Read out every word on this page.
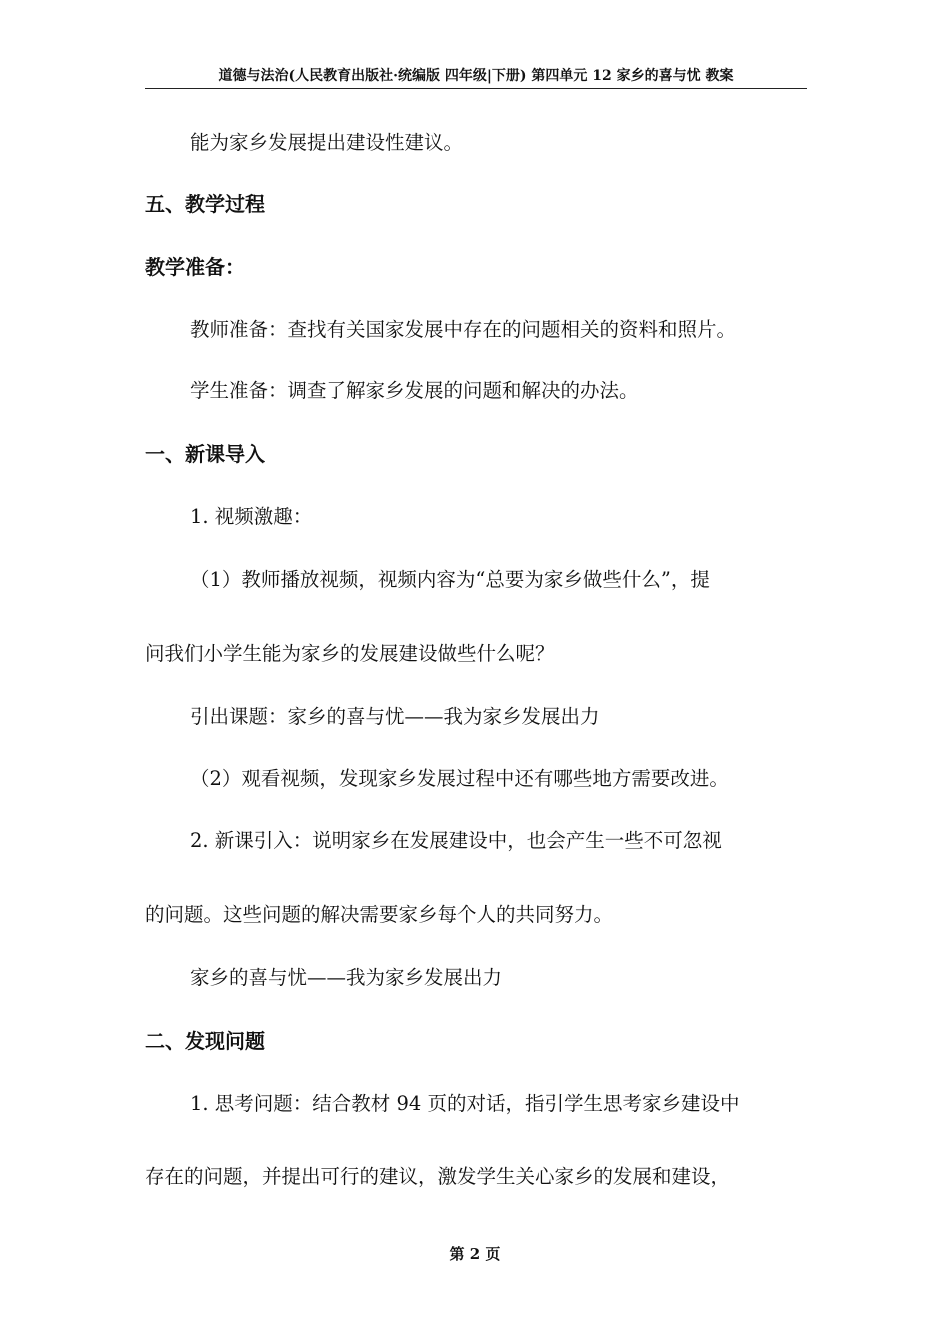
道德与法治(人民教育出版社·统编版 四年级|下册) 第四单元 12 家乡的喜与忧 教案
能为家乡发展提出建设性建议。
五、教学过程
教学准备：
教师准备：查找有关国家发展中存在的问题相关的资料和照片。
学生准备：调查了解家乡发展的问题和解决的办法。
一、新课导入
1. 视频激趣：
（1）教师播放视频，视频内容为“总要为家乡做些什么”，提
问我们小学生能为家乡的发展建设做些什么呢？
引出课题：家乡的喜与忧——我为家乡发展出力
（2）观看视频，发现家乡发展过程中还有哪些地方需要改进。
2. 新课引入：说明家乡在发展建设中，也会产生一些不可忽视
的问题。这些问题的解决需要家乡每个人的共同努力。
家乡的喜与忧——我为家乡发展出力
二、发现问题
1. 思考问题：结合教材 94 页的对话，指引学生思考家乡建设中
存在的问题，并提出可行的建议，激发学生关心家乡的发展和建设，
第 2 页
